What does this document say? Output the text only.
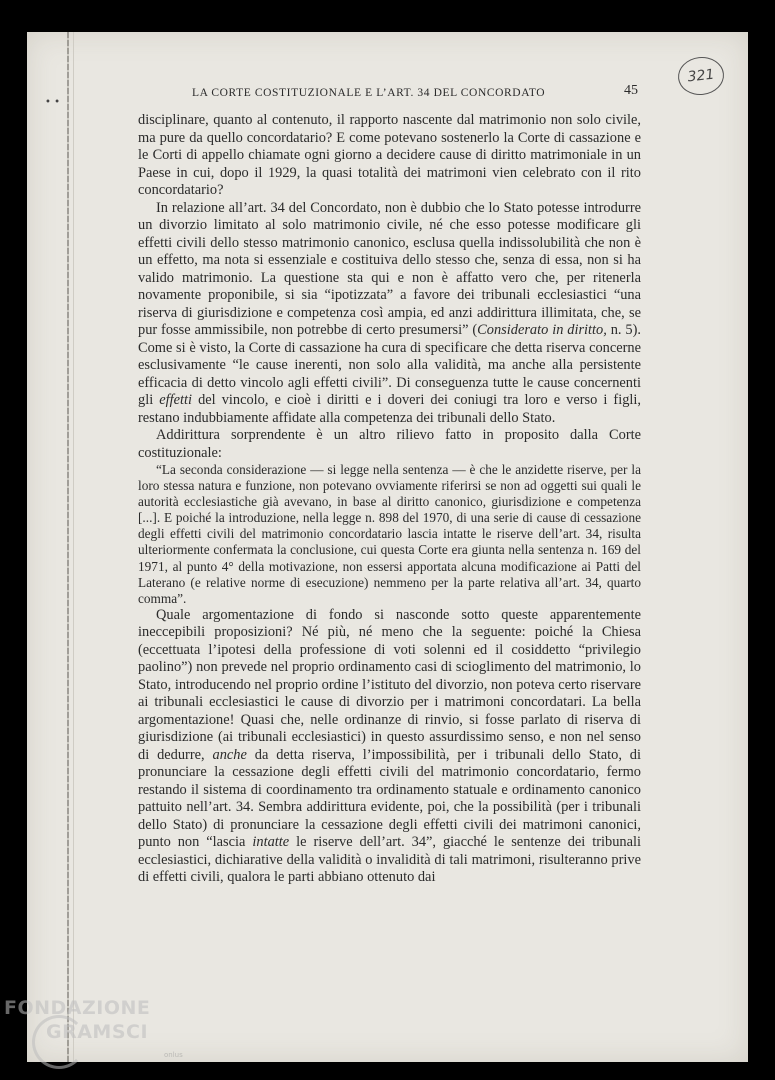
• •
LA CORTE COSTITUZIONALE E L’ART. 34 DEL CONCORDATO	45
321

disciplinare, quanto al contenuto, il rapporto nascente dal matrimonio non solo civile, ma pure da quello concordatario? E come potevano sostenerlo la Corte di cassazione e le Corti di appello chiamate ogni giorno a decidere cause di diritto matrimoniale in un Paese in cui, dopo il 1929, la quasi totalità dei matrimoni vien celebrato con il rito concordatario?

In relazione all’art. 34 del Concordato, non è dubbio che lo Stato potesse introdurre un divorzio limitato al solo matrimonio civile, né che esso potesse modificare gli effetti civili dello stesso matrimonio canonico, esclusa quella indissolubilità che non è un effetto, ma nota si essenziale e costituiva dello stesso che, senza di essa, non si ha valido matrimonio. La questione sta qui e non è affatto vero che, per ritenerla novamente proponibile, si sia “ipotizzata” a favore dei tribunali ecclesiastici “una riserva di giurisdizione e competenza così ampia, ed anzi addirittura illimitata, che, se pur fosse ammissibile, non potrebbe di certo presumersi” (Considerato in diritto, n. 5). Come si è visto, la Corte di cassazione ha cura di specificare che detta riserva concerne esclusivamente “le cause inerenti, non solo alla validità, ma anche alla persistente efficacia di detto vincolo agli effetti civili”. Di conseguenza tutte le cause concernenti gli effetti del vincolo, e cioè i diritti e i doveri dei coniugi tra loro e verso i figli, restano indubbiamente affidate alla competenza dei tribunali dello Stato.

Addirittura sorprendente è un altro rilievo fatto in proposito dalla Corte costituzionale:

“La seconda considerazione — si legge nella sentenza — è che le anzidette riserve, per la loro stessa natura e funzione, non potevano ovviamente riferirsi se non ad oggetti sui quali le autorità ecclesiastiche già avevano, in base al diritto canonico, giurisdizione e competenza [...]. E poiché la introduzione, nella legge n. 898 del 1970, di una serie di cause di cessazione degli effetti civili del matrimonio concordatario lascia intatte le riserve dell’art. 34, risulta ulteriormente confermata la conclusione, cui questa Corte era giunta nella sentenza n. 169 del 1971, al punto 4° della motivazione, non essersi apportata alcuna modificazione ai Patti del Laterano (e relative norme di esecuzione) nemmeno per la parte relativa all’art. 34, quarto comma”.

Quale argomentazione di fondo si nasconde sotto queste apparentemente ineccepibili proposizioni? Né più, né meno che la seguente: poiché la Chiesa (eccettuata l’ipotesi della professione di voti solenni ed il cosiddetto “privilegio paolino”) non prevede nel proprio ordinamento casi di scioglimento del matrimonio, lo Stato, introducendo nel proprio ordine l’istituto del divorzio, non poteva certo riservare ai tribunali ecclesiastici le cause di divorzio per i matrimoni concordatari. La bella argomentazione! Quasi che, nelle ordinanze di rinvio, si fosse parlato di riserva di giurisdizione (ai tribunali ecclesiastici) in questo assurdissimo senso, e non nel senso di dedurre, anche da detta riserva, l’impossibilità, per i tribunali dello Stato, di pronunciare la cessazione degli effetti civili del matrimonio concordatario, fermo restando il sistema di coordinamento tra ordinamento statuale e ordinamento canonico pattuito nell’art. 34. Sembra addirittura evidente, poi, che la possibilità (per i tribunali dello Stato) di pronunciare la cessazione degli effetti civili dei matrimoni canonici, punto non “lascia intatte le riserve dell’art. 34”, giacché le sentenze dei tribunali ecclesiastici, dichiarative della validità o invalidità di tali matrimoni, risulteranno prive di effetti civili, qualora le parti abbiano ottenuto dai

FONDAZIONE
GRAMSCI
onlus
